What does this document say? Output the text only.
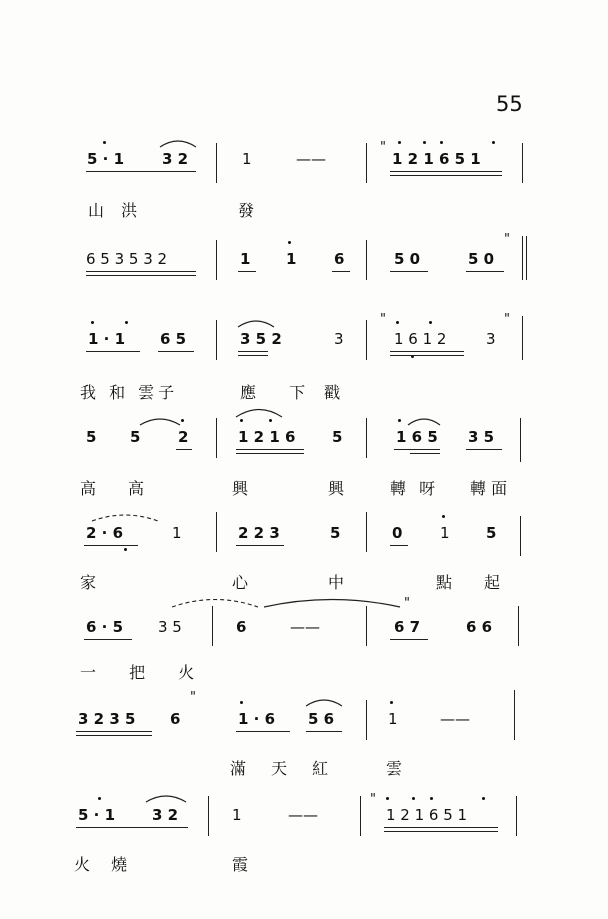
55
5 · 1	3 2	1	——
"
1 2 1 6 5 1
山 洪	發
6 5 3 5 3 2	1 1	6	5 0	5 0
"
1 · 1 6 5	3 5 2	3
"
1 6 1 2	3
"
我 和 雲子	應 下 戳
5 5	2	1 2 1 6 5	1 6 5 3 5
高 高	興	興	轉 呀 轉 面
2 · 6	1	2 2 3	5	0	1 5
家	心	中	點 起
6 · 5 3 5	6	——
"
6 7	6 6
一 把 火
3 2 3 5 6
"
1 · 6 5 6	1	——
滿 天 紅	雲
5 · 1 3 2	1	——
"
1 2 1 6 5 1
火 燒	霞
